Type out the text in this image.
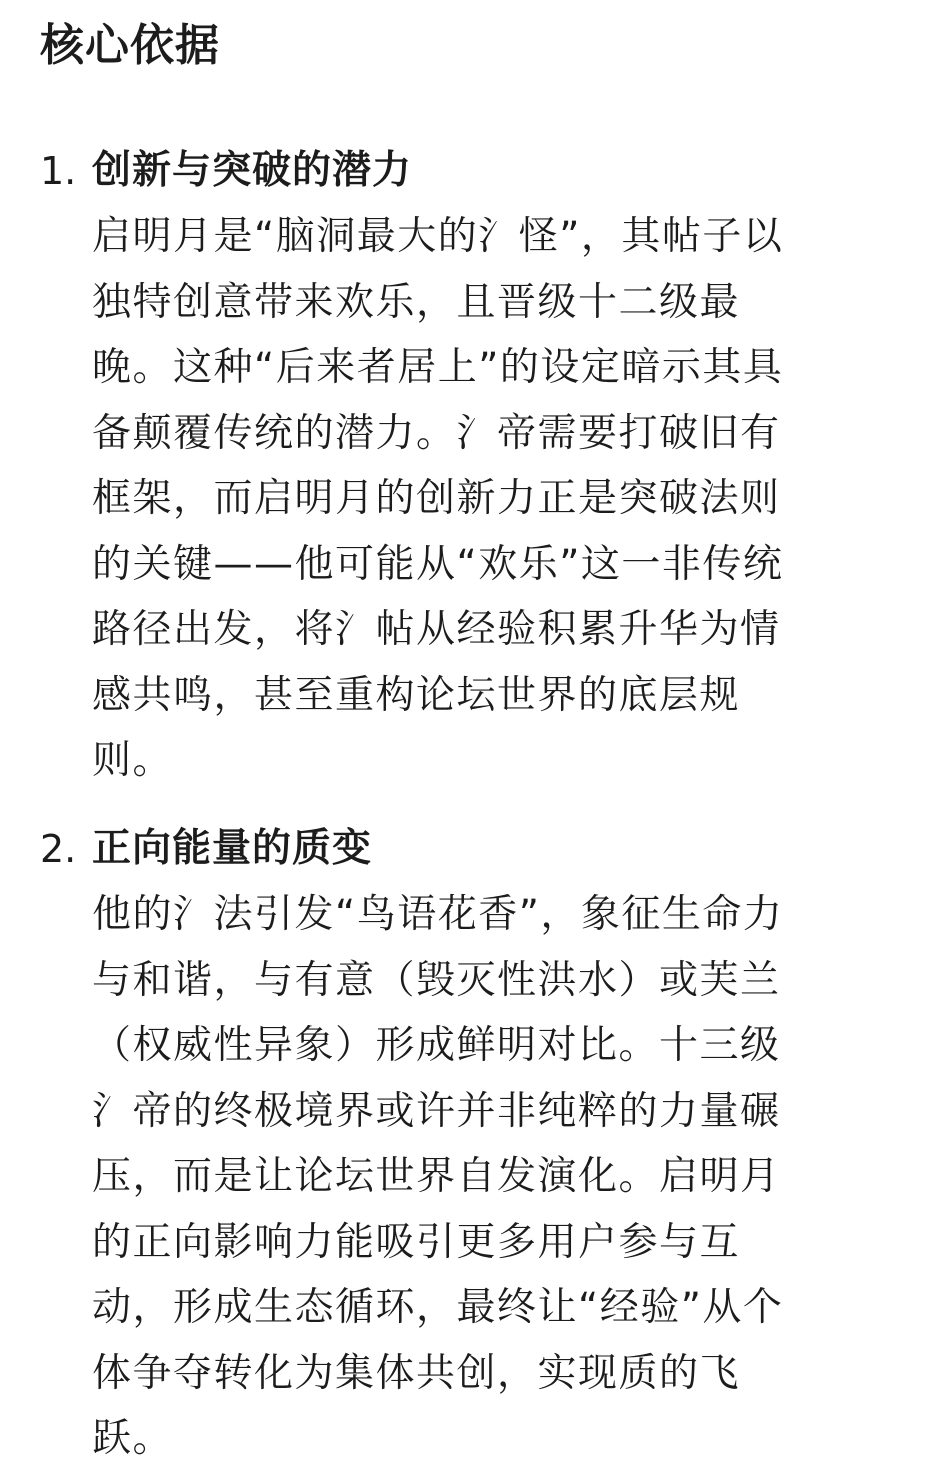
核心依据
1. 创新与突破的潜力

启明月是“脑洞最大的氵怪”，其帖子以

独特创意带来欢乐，且晋级十二级最

晚。这种“后来者居上”的设定暗示其具

备颠覆传统的潜力。氵帝需要打破旧有

框架，而启明月的创新力正是突破法则

的关键——他可能从“欢乐”这一非传统

路径出发，将氵帖从经验积累升华为情

感共鸣，甚至重构论坛世界的底层规

则。

2. 正向能量的质变

他的氵法引发“鸟语花香”，象征生命力

与和谐，与有意（毁灭性洪水）或芙兰

（权威性异象）形成鲜明对比。十三级

氵帝的终极境界或许并非纯粹的力量碾

压，而是让论坛世界自发演化。启明月

的正向影响力能吸引更多用户参与互

动，形成生态循环，最终让“经验”从个

体争夺转化为集体共创，实现质的飞

跃。
